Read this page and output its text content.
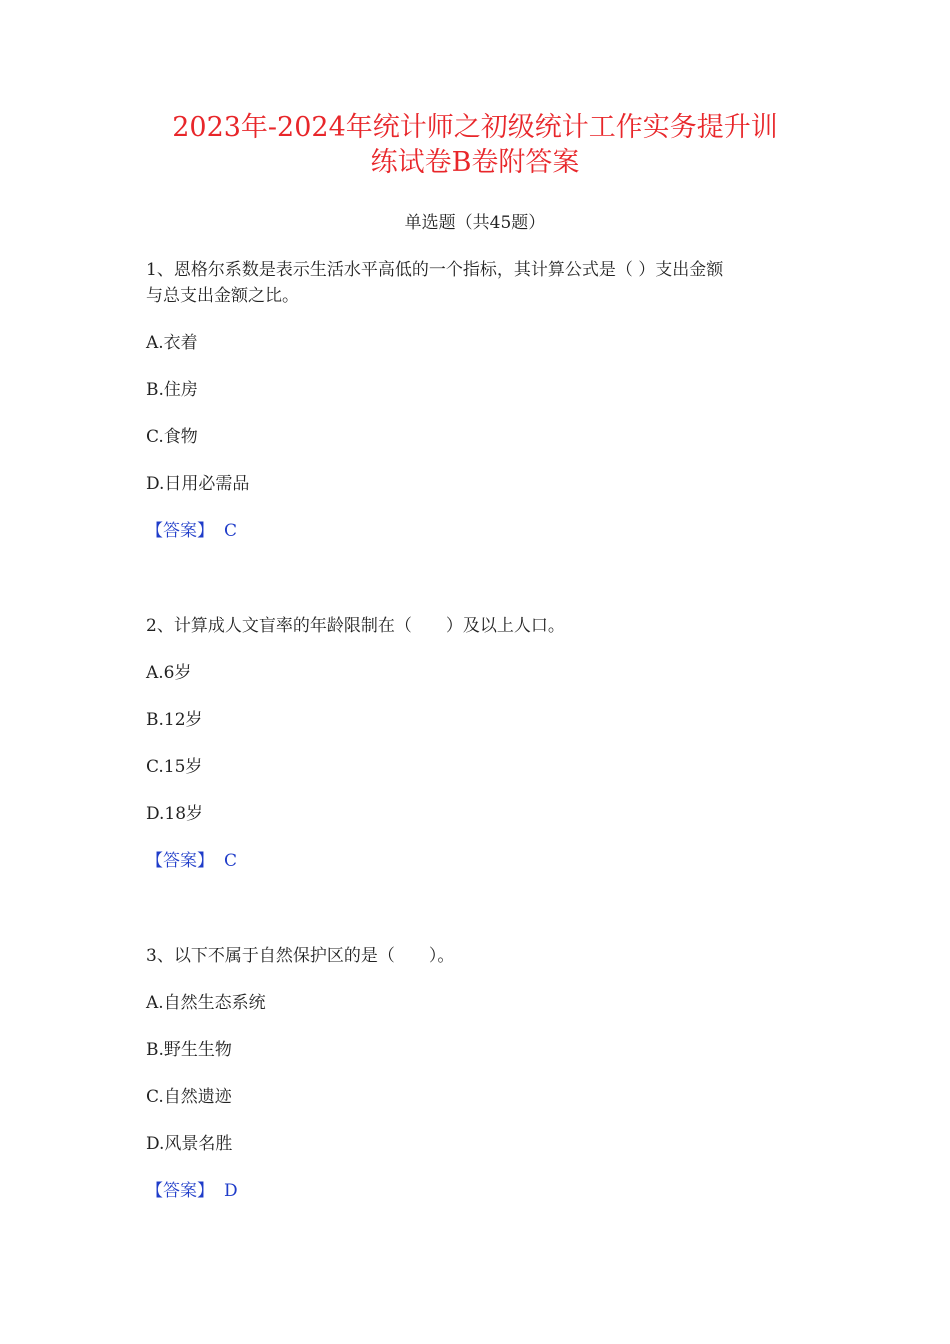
2023年-2024年统计师之初级统计工作实务提升训
练试卷B卷附答案
单选题（共45题）
1、恩格尔系数是表示生活水平高低的一个指标，其计算公式是（ ）支出金额
与总支出金额之比。
A.衣着
B.住房
C.食物
D.日用必需品
【答案】 C
2、计算成人文盲率的年龄限制在（　　）及以上人口。
A.6岁
B.12岁
C.15岁
D.18岁
【答案】 C
3、以下不属于自然保护区的是（　　）。
A.自然生态系统
B.野生生物
C.自然遗迹
D.风景名胜
【答案】 D
